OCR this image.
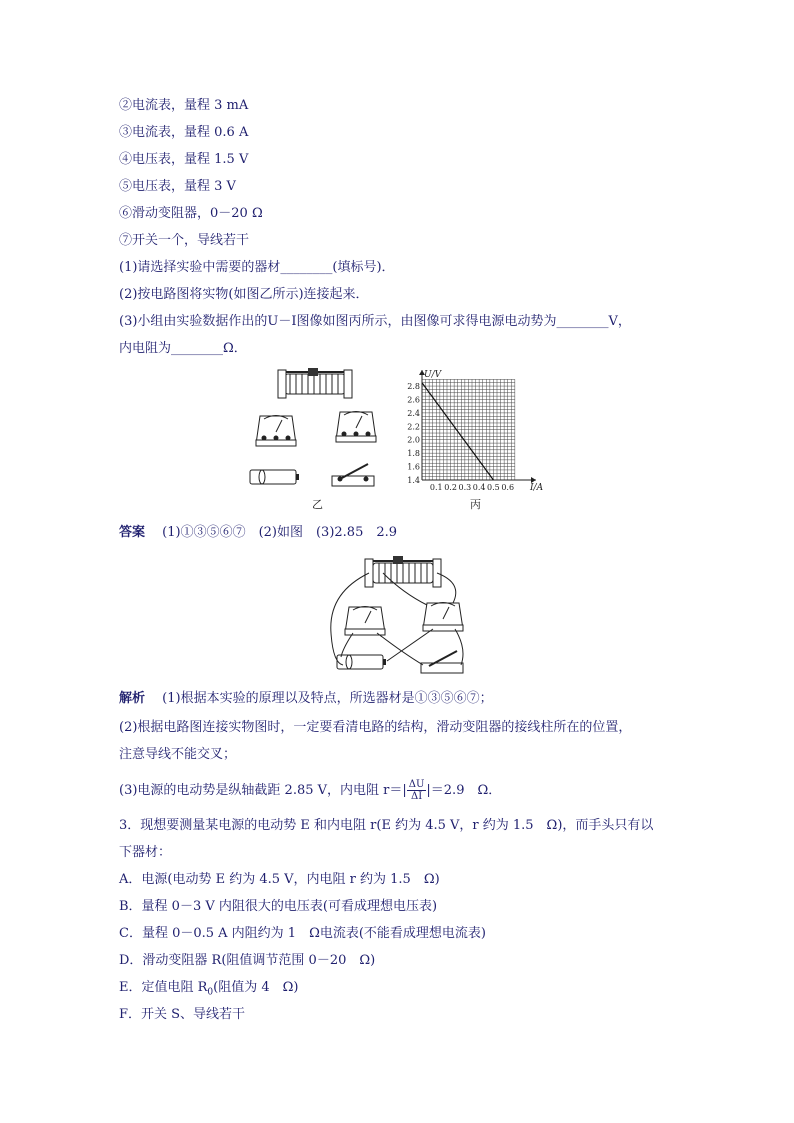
②电流表，量程 3 mA
③电流表，量程 0.6 A
④电压表，量程 1.5 V
⑤电压表，量程 3 V
⑥滑动变阻器，0－20 Ω
⑦开关一个，导线若干
(1)请选择实验中需要的器材________(填标号)．
(2)按电路图将实物(如图乙所示)连接起来．
(3)小组由实验数据作出的U－I图像如图丙所示，由图像可求得电源电动势为________V，
内电阻为________Ω．
乙
0.1 0.2 0.3 0.4 0.5 0.6
1.4
1.6
1.8
2.0
2.2
2.4
2.6
2.8
U/V
I/A
丙
答案　 (1)①③⑤⑥⑦　(2)如图　(3)2.85　2.9
解析　 (1)根据本实验的原理以及特点，所选器材是①③⑤⑥⑦；
(2)根据电路图连接实物图时，一定要看清电路的结构，滑动变阻器的接线柱所在的位置，
注意导线不能交叉；
(3)电源的电动势是纵轴截距 2.85 V，内电阻 $r=| \frac{\Delta U}{\Delta I} |=2.9$　Ω．
3．现想要测量某电源的电动势 E 和内电阻 r(E 约为 4.5 V，r 约为 1.5　Ω)，而手头只有以
下器材：
A．电源(电动势 E 约为 4.5 V，内电阻 r 约为 1.5　Ω)
B．量程 0－3 V 内阻很大的电压表(可看成理想电压表)
C．量程 0－0.5 A 内阻约为 1　Ω电流表(不能看成理想电流表)
D．滑动变阻器 R(阻值调节范围 0－20　Ω)
E．定值电阻 $R_0$(阻值为 4　Ω)
F．开关 S、导线若干
